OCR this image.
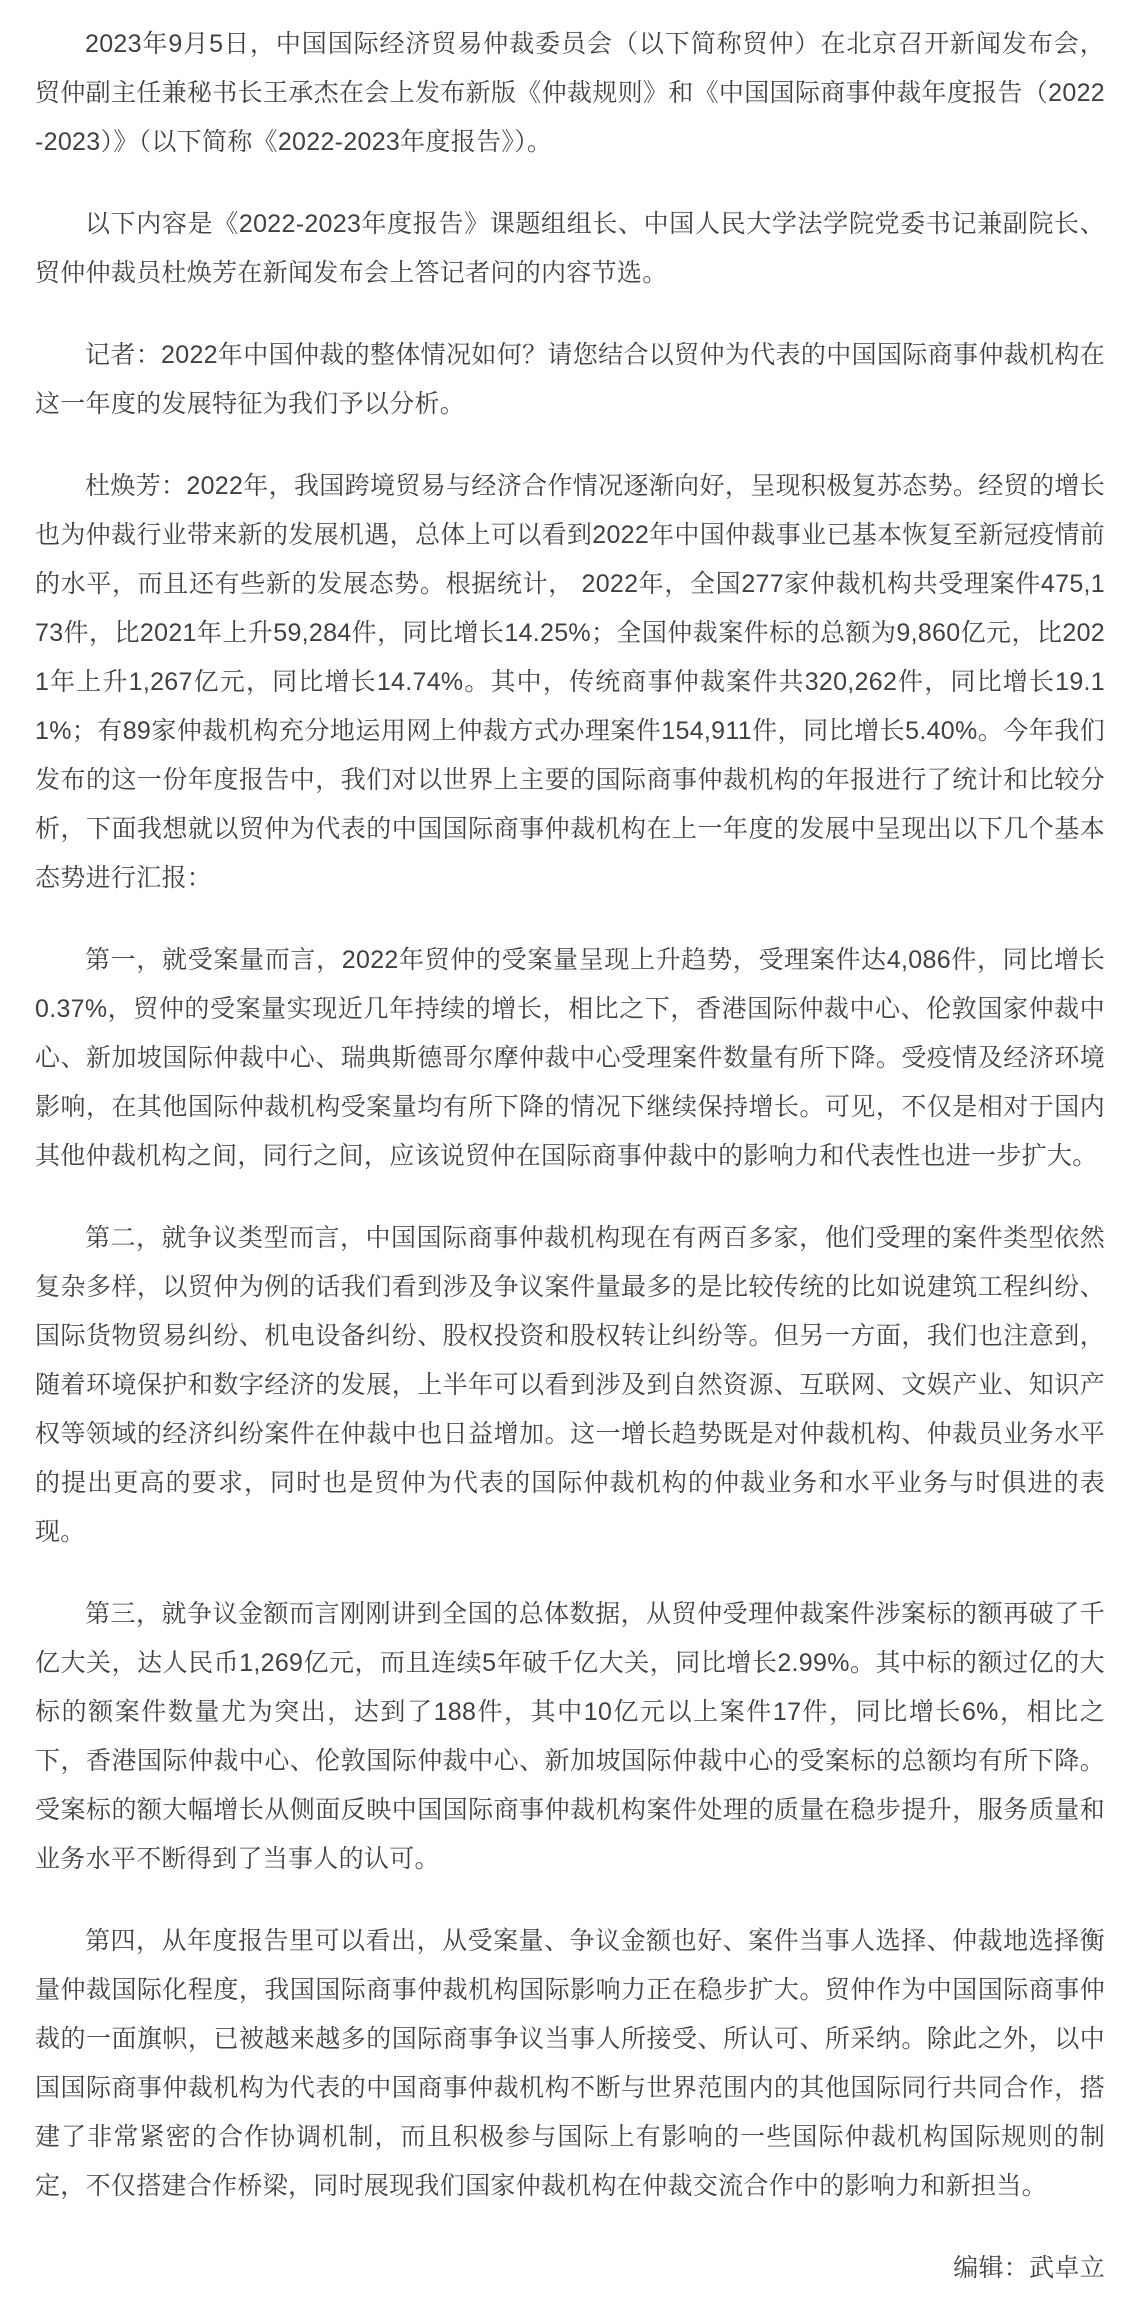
2023年9月5日，中国国际经济贸易仲裁委员会（以下简称贸仲）在北京召开新闻发布会，贸仲副主任兼秘书长王承杰在会上发布新版《仲裁规则》和《中国国际商事仲裁年度报告（2022-2023）》（以下简称《2022-2023年度报告》）。

以下内容是《2022-2023年度报告》课题组组长、中国人民大学法学院党委书记兼副院长、贸仲仲裁员杜焕芳在新闻发布会上答记者问的内容节选。

记者：2022年中国仲裁的整体情况如何？请您结合以贸仲为代表的中国国际商事仲裁机构在这一年度的发展特征为我们予以分析。

杜焕芳：2022年，我国跨境贸易与经济合作情况逐渐向好，呈现积极复苏态势。经贸的增长也为仲裁行业带来新的发展机遇，总体上可以看到2022年中国仲裁事业已基本恢复至新冠疫情前的水平，而且还有些新的发展态势。根据统计， 2022年，全国277家仲裁机构共受理案件475,173件，比2021年上升59,284件，同比增长14.25%；全国仲裁案件标的总额为9,860亿元，比2021年上升1,267亿元，同比增长14.74%。其中，传统商事仲裁案件共320,262件，同比增长19.11%；有89家仲裁机构充分地运用网上仲裁方式办理案件154,911件，同比增长5.40%。今年我们发布的这一份年度报告中，我们对以世界上主要的国际商事仲裁机构的年报进行了统计和比较分析，下面我想就以贸仲为代表的中国国际商事仲裁机构在上一年度的发展中呈现出以下几个基本态势进行汇报：

第一，就受案量而言，2022年贸仲的受案量呈现上升趋势，受理案件达4,086件，同比增长0.37%，贸仲的受案量实现近几年持续的增长，相比之下，香港国际仲裁中心、伦敦国家仲裁中心、新加坡国际仲裁中心、瑞典斯德哥尔摩仲裁中心受理案件数量有所下降。受疫情及经济环境影响，在其他国际仲裁机构受案量均有所下降的情况下继续保持增长。可见，不仅是相对于国内其他仲裁机构之间，同行之间，应该说贸仲在国际商事仲裁中的影响力和代表性也进一步扩大。

第二，就争议类型而言，中国国际商事仲裁机构现在有两百多家，他们受理的案件类型依然复杂多样，以贸仲为例的话我们看到涉及争议案件量最多的是比较传统的比如说建筑工程纠纷、国际货物贸易纠纷、机电设备纠纷、股权投资和股权转让纠纷等。但另一方面，我们也注意到，随着环境保护和数字经济的发展，上半年可以看到涉及到自然资源、互联网、文娱产业、知识产权等领域的经济纠纷案件在仲裁中也日益增加。这一增长趋势既是对仲裁机构、仲裁员业务水平的提出更高的要求，同时也是贸仲为代表的国际仲裁机构的仲裁业务和水平业务与时俱进的表现。

第三，就争议金额而言刚刚讲到全国的总体数据，从贸仲受理仲裁案件涉案标的额再破了千亿大关，达人民币1,269亿元，而且连续5年破千亿大关，同比增长2.99%。其中标的额过亿的大标的额案件数量尤为突出，达到了188件，其中10亿元以上案件17件，同比增长6%，相比之下，香港国际仲裁中心、伦敦国际仲裁中心、新加坡国际仲裁中心的受案标的总额均有所下降。受案标的额大幅增长从侧面反映中国国际商事仲裁机构案件处理的质量在稳步提升，服务质量和业务水平不断得到了当事人的认可。

第四，从年度报告里可以看出，从受案量、争议金额也好、案件当事人选择、仲裁地选择衡量仲裁国际化程度，我国国际商事仲裁机构国际影响力正在稳步扩大。贸仲作为中国国际商事仲裁的一面旗帜，已被越来越多的国际商事争议当事人所接受、所认可、所采纳。除此之外，以中国国际商事仲裁机构为代表的中国商事仲裁机构不断与世界范围内的其他国际同行共同合作，搭建了非常紧密的合作协调机制，而且积极参与国际上有影响的一些国际仲裁机构国际规则的制定，不仅搭建合作桥梁，同时展现我们国家仲裁机构在仲裁交流合作中的影响力和新担当。

编辑：武卓立
